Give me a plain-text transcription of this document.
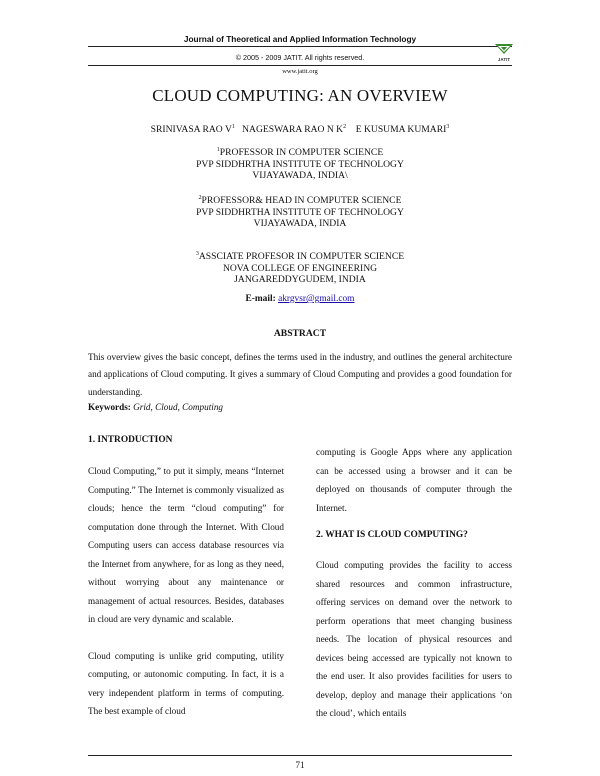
Journal of Theoretical and Applied Information Technology
© 2005 - 2009 JATIT. All rights reserved.
www.jatit.org
JATIT
CLOUD COMPUTING: AN OVERVIEW
SRINIVASA RAO $V^1$ NAGESWARA RAO N $K^2$ E KUSUMA KUMARI$^3$
$^1$PROFESSOR IN COMPUTER SCIENCE
PVP SIDDHRTHA INSTITUTE OF TECHNOLOGY
VIJAYAWADA, INDIA\
$^2$PROFESSOR& HEAD IN COMPUTER SCIENCE
PVP SIDDHRTHA INSTITUTE OF TECHNOLOGY
VIJAYAWADA, INDIA
$^3$ASSCIATE PROFESOR IN COMPUTER SCIENCE
NOVA COLLEGE OF ENGINEERING
JANGAREDDYGUDEM, INDIA
E-mail: akrgvsr@gmail.com
ABSTRACT
This overview gives the basic concept, defines the terms used in the industry, and outlines the general architecture and applications of Cloud computing. It gives a summary of Cloud Computing and provides a good foundation for understanding.
Keywords: Grid, Cloud, Computing
1. INTRODUCTION

Cloud Computing,” to put it simply, means “Internet Computing.” The Internet is commonly visualized as clouds; hence the term “cloud computing” for computation done through the Internet. With Cloud Computing users can access database resources via the Internet from anywhere, for as long as they need, without worrying about any maintenance or management of actual resources. Besides, databases in cloud are very dynamic and scalable.

Cloud computing is unlike grid computing, utility computing, or autonomic computing. In fact, it is a very independent platform in terms of computing. The best example of cloud

computing is Google Apps where any application can be accessed using a browser and it can be deployed on thousands of computer through the Internet.

2. WHAT IS CLOUD COMPUTING?

Cloud computing provides the facility to access shared resources and common infrastructure, offering services on demand over the network to perform operations that meet changing business needs. The location of physical resources and devices being accessed are typically not known to the end user. It also provides facilities for users to develop, deploy and manage their applications ‘on the cloud’, which entails

71
